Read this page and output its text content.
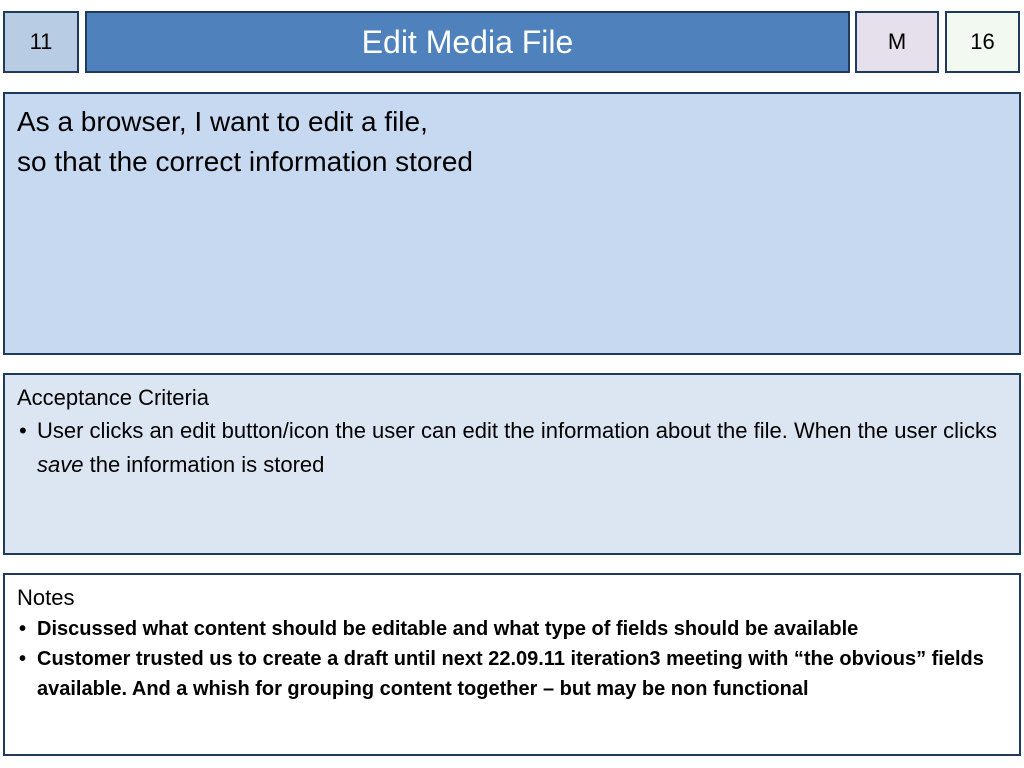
11	Edit Media File	M	16
As a browser, I want to edit a file,
so that the correct information stored
Acceptance Criteria
• User clicks an edit button/icon the user can edit the information about the file. When the user clicks save the information is stored
Notes
• Discussed what content should be editable and what type of fields should be available
• Customer trusted us to create a draft until next 22.09.11 iteration3 meeting with “the obvious” fields available. And a whish for grouping content together – but may be non functional
